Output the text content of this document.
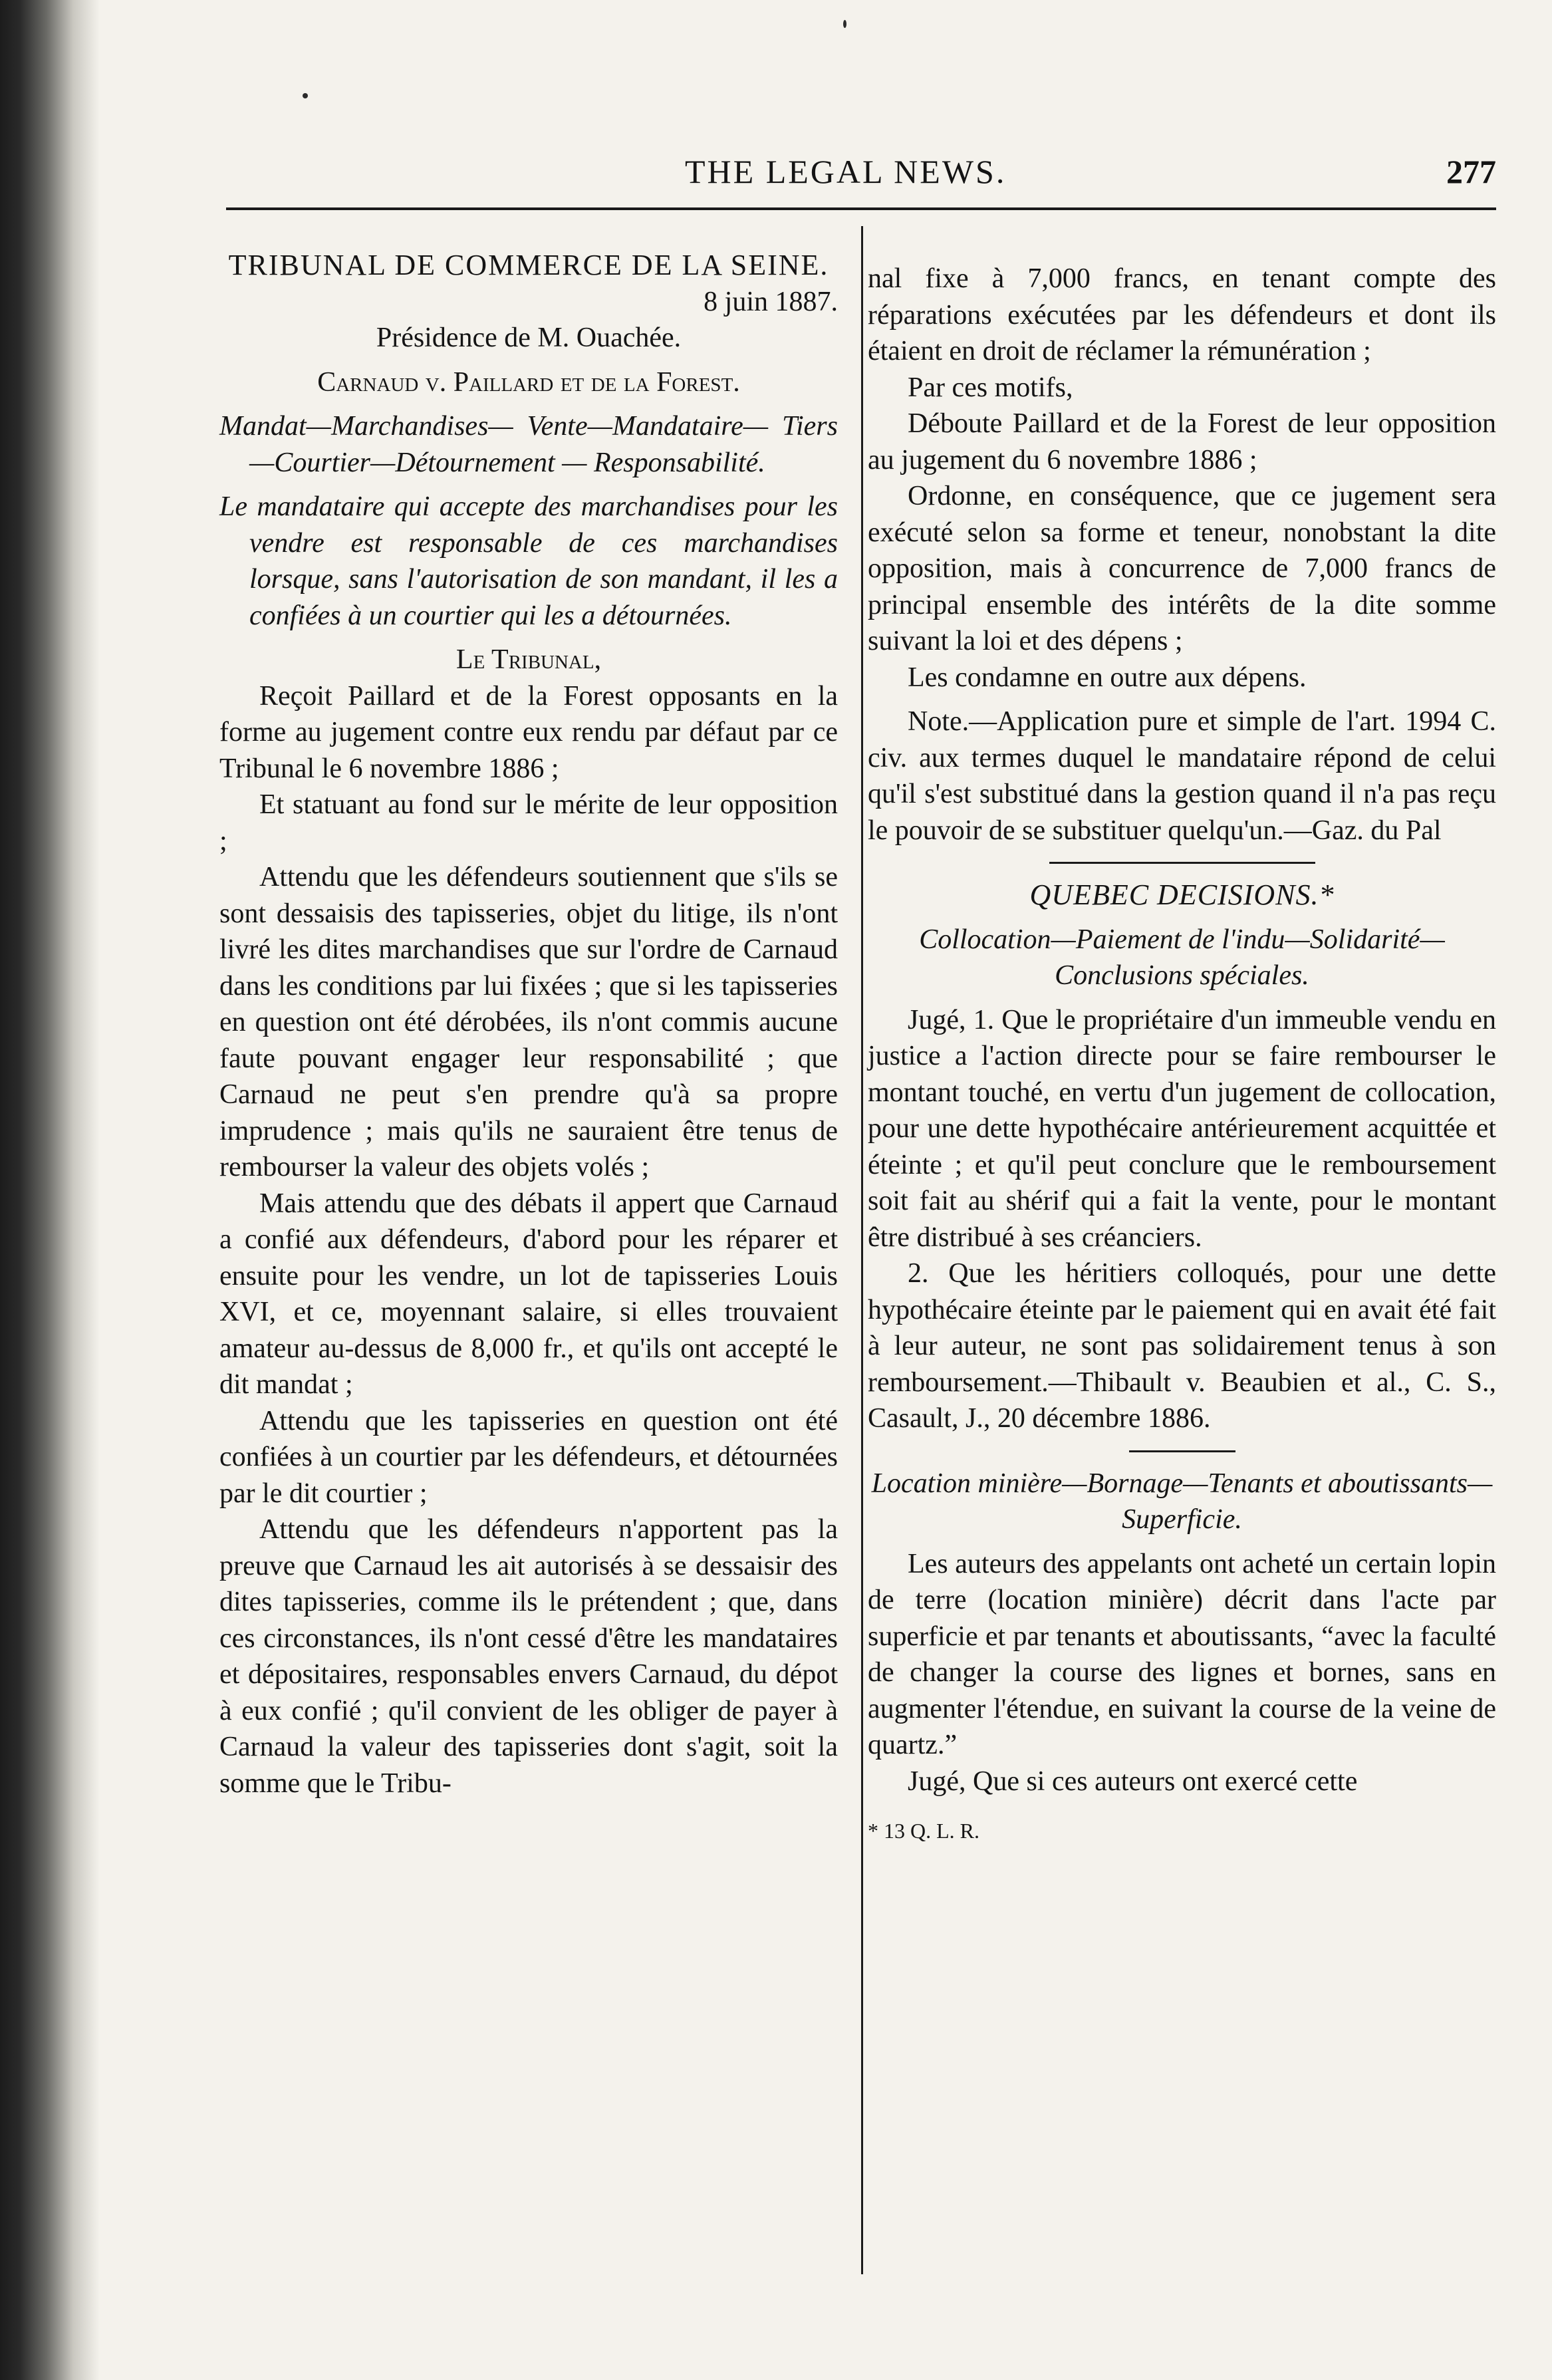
THE LEGAL NEWS.	277

TRIBUNAL DE COMMERCE DE LA SEINE.

8 juin 1887.

Présidence de M. Ouachée.

Carnaud v. Paillard et de la Forest.

Mandat—Marchandises— Vente—Mandataire— Tiers—Courtier—Détournement — Responsabilité.

Le mandataire qui accepte des marchandises pour les vendre est responsable de ces marchandises lorsque, sans l'autorisation de son mandant, il les a confiées à un courtier qui les a détournées.

Le Tribunal,

Reçoit Paillard et de la Forest opposants en la forme au jugement contre eux rendu par défaut par ce Tribunal le 6 novembre 1886 ;

Et statuant au fond sur le mérite de leur opposition ;

Attendu que les défendeurs soutiennent que s'ils se sont dessaisis des tapisseries, objet du litige, ils n'ont livré les dites marchandises que sur l'ordre de Carnaud dans les conditions par lui fixées ; que si les tapisseries en question ont été dérobées, ils n'ont commis aucune faute pouvant engager leur responsabilité ; que Carnaud ne peut s'en prendre qu'à sa propre imprudence ; mais qu'ils ne sauraient être tenus de rembourser la valeur des objets volés ;

Mais attendu que des débats il appert que Carnaud a confié aux défendeurs, d'abord pour les réparer et ensuite pour les vendre, un lot de tapisseries Louis XVI, et ce, moyennant salaire, si elles trouvaient amateur au-dessus de 8,000 fr., et qu'ils ont accepté le dit mandat ;

Attendu que les tapisseries en question ont été confiées à un courtier par les défendeurs, et détournées par le dit courtier ;

Attendu que les défendeurs n'apportent pas la preuve que Carnaud les ait autorisés à se dessaisir des dites tapisseries, comme ils le prétendent ; que, dans ces circonstances, ils n'ont cessé d'être les mandataires et dépositaires, responsables envers Carnaud, du dépot à eux confié ; qu'il convient de les obliger de payer à Carnaud la valeur des tapisseries dont s'agit, soit la somme que le Tribu-

nal fixe à 7,000 francs, en tenant compte des réparations exécutées par les défendeurs et dont ils étaient en droit de réclamer la rémunération ;

Par ces motifs,

Déboute Paillard et de la Forest de leur opposition au jugement du 6 novembre 1886 ;

Ordonne, en conséquence, que ce jugement sera exécuté selon sa forme et teneur, nonobstant la dite opposition, mais à concurrence de 7,000 francs de principal ensemble des intérêts de la dite somme suivant la loi et des dépens ;

Les condamne en outre aux dépens.

Note.—Application pure et simple de l'art. 1994 C. civ. aux termes duquel le mandataire répond de celui qu'il s'est substitué dans la gestion quand il n'a pas reçu le pouvoir de se substituer quelqu'un.—Gaz. du Pal

QUEBEC DECISIONS.*

Collocation—Paiement de l'indu—Solidarité— Conclusions spéciales.

Jugé, 1. Que le propriétaire d'un immeuble vendu en justice a l'action directe pour se faire rembourser le montant touché, en vertu d'un jugement de collocation, pour une dette hypothécaire antérieurement acquittée et éteinte ; et qu'il peut conclure que le remboursement soit fait au shérif qui a fait la vente, pour le montant être distribué à ses créanciers.

2. Que les héritiers colloqués, pour une dette hypothécaire éteinte par le paiement qui en avait été fait à leur auteur, ne sont pas solidairement tenus à son remboursement.—Thibault v. Beaubien et al., C. S., Casault, J., 20 décembre 1886.

Location minière—Bornage—Tenants et aboutissants—Superficie.

Les auteurs des appelants ont acheté un certain lopin de terre (location minière) décrit dans l'acte par superficie et par tenants et aboutissants, “avec la faculté de changer la course des lignes et bornes, sans en augmenter l'étendue, en suivant la course de la veine de quartz.”

Jugé, Que si ces auteurs ont exercé cette

* 13 Q. L. R.
